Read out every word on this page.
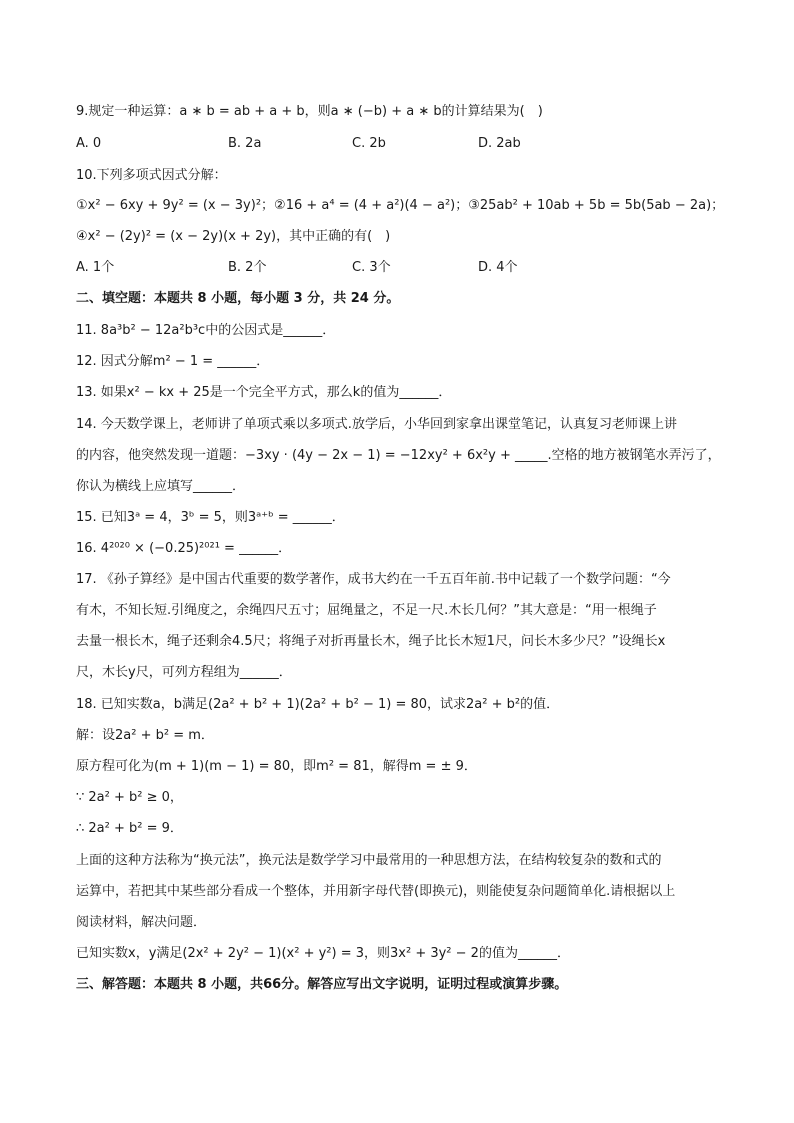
9.规定一种运算：a ∗ b = ab + a + b，则a ∗ (−b) + a ∗ b的计算结果为(　)
A. 0	B. 2a	C. 2b	D. 2ab
10.下列多项式因式分解：
①x² − 6xy + 9y² = (x − 3y)²；②16 + a⁴ = (4 + a²)(4 − a²)；③25ab² + 10ab + 5b = 5b(5ab − 2a)；
④x² − (2y)² = (x − 2y)(x + 2y)，其中正确的有(　)
A. 1个	B. 2个	C. 3个	D. 4个
二、填空题：本题共 8 小题，每小题 3 分，共 24 分。
11. 8a³b² − 12a²b³c中的公因式是______．
12. 因式分解m² − 1 = ______．
13. 如果x² − kx + 25是一个完全平方式，那么k的值为______．
14. 今天数学课上，老师讲了单项式乘以多项式.放学后，小华回到家拿出课堂笔记，认真复习老师课上讲
的内容，他突然发现一道题：−3xy · (4y − 2x − 1) = −12xy² + 6x²y + _____.空格的地方被钢笔水弄污了，
你认为横线上应填写______．
15. 已知3ᵃ = 4，3ᵇ = 5，则3ᵃ⁺ᵇ = ______．
16. 4²⁰²⁰ × (−0.25)²⁰²¹ = ______．
17. 《孙子算经》是中国古代重要的数学著作，成书大约在一千五百年前.书中记载了一个数学问题：“今
有木，不知长短.引绳度之，余绳四尺五寸；屈绳量之，不足一尺.木长几何？”其大意是：“用一根绳子
去量一根长木，绳子还剩余4.5尺；将绳子对折再量长木，绳子比长木短1尺，问长木多少尺？”设绳长x
尺，木长y尺，可列方程组为______．
18. 已知实数a，b满足(2a² + b² + 1)(2a² + b² − 1) = 80，试求2a² + b²的值．
解：设2a² + b² = m．
原方程可化为(m + 1)(m − 1) = 80，即m² = 81，解得m = ± 9．
∵ 2a² + b² ≥ 0，
∴ 2a² + b² = 9．
上面的这种方法称为“换元法”，换元法是数学学习中最常用的一种思想方法，在结构较复杂的数和式的
运算中，若把其中某些部分看成一个整体，并用新字母代替(即换元)，则能使复杂问题简单化.请根据以上
阅读材料，解决问题．
已知实数x，y满足(2x² + 2y² − 1)(x² + y²) = 3，则3x² + 3y² − 2的值为______．
三、解答题：本题共 8 小题，共66分。解答应写出文字说明，证明过程或演算步骤。
